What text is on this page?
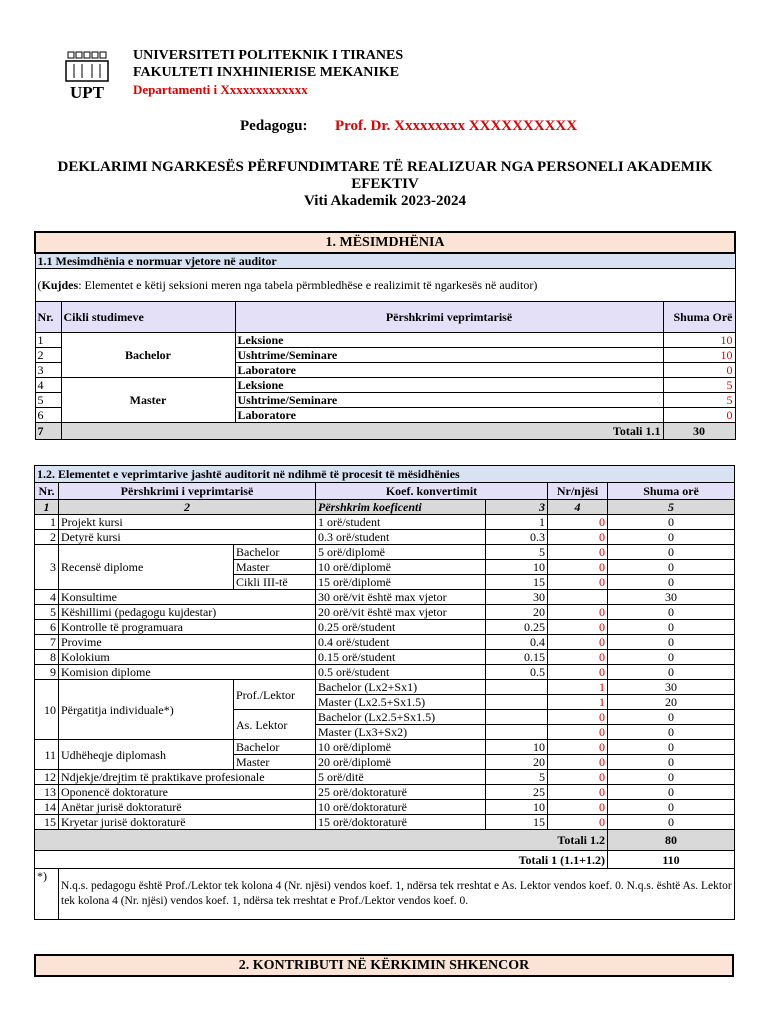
UPT
UNIVERSITETI POLITEKNIK I TIRANES
FAKULTETI INXHINIERISE MEKANIKE
Departamenti i Xxxxxxxxxxxxx
Pedagogu: Prof. Dr. Xxxxxxxxx XXXXXXXXXX
DEKLARIMI NGARKESËS PËRFUNDIMTARE TË REALIZUAR NGA PERSONELI AKADEMIK EFEKTIV
Viti Akademik 2023-2024
1. MËSIMDHËNIA			
1.1 Mesimdhënia e normuar vjetore në auditor			
(Kujdes: Elementet e këtij seksioni meren nga tabela përmbledhëse e realizimit të ngarkesës në auditor)			
Nr.	Cikli studimeve	Përshkrimi veprimtarisë	Shuma Orë
1	Bachelor	Leksione	10
2		Ushtrime/Seminare	10
3		Laboratore	0
4	Master	Leksione	5
5		Ushtrime/Seminare	5
6		Laboratore	0
7	Totali 1.1		30
1.2. Elementet e veprimtarive jashtë auditorit në ndihmë të procesit të mësidhënies						
Nr.	Përshkrimi i veprimtarisë		Koef. konvertimit		Nr/njësi	Shuma orë
1	2		Përshkrim koeficenti	3	4	5
1	Projekt kursi		1 orë/student	1	0	0
2	Detyrë kursi		0.3 orë/student	0.3	0	0
3	Recensë diplome	Bachelor	5 orë/diplomë	5	0	0
		Master	10 orë/diplomë	10	0	0
		Cikli III-të	15 orë/diplomë	15	0	0
4	Konsultime		30 orë/vit është max vjetor	30		30
5	Këshillimi (pedagogu kujdestar)		20 orë/vit është max vjetor	20	0	0
6	Kontrolle të programuara		0.25 orë/student	0.25	0	0
7	Provime		0.4 orë/student	0.4	0	0
8	Kolokium		0.15 orë/student	0.15	0	0
9	Komision diplome		0.5 orë/student	0.5	0	0
10	Përgatitja individuale*)	Prof./Lektor	Bachelor (Lx2+Sx1)		1	30
			Master (Lx2.5+Sx1.5)		1	20
		As. Lektor	Bachelor (Lx2.5+Sx1.5)		0	0
			Master (Lx3+Sx2)		0	0
11	Udhëheqje diplomash	Bachelor	10 orë/diplomë	10	0	0
		Master	20 orë/diplomë	20	0	0
12	Ndjekje/drejtim të praktikave profesionale		5 orë/ditë	5	0	0
13	Oponencë doktorature		25 orë/doktoraturë	25	0	0
14	Anëtar jurisë doktoraturë		10 orë/doktoraturë	10	0	0
15	Kryetar jurisë doktoraturë		15 orë/doktoraturë	15	0	0
Totali 1.2						80
Totali 1 (1.1+1.2)						110
*)	N.q.s. pedagogu është Prof./Lektor tek kolona 4 (Nr. njësi) vendos koef. 1, ndërsa tek rreshtat e As. Lektor vendos koef. 0. N.q.s. është As. Lektor tek kolona 4 (Nr. njësi) vendos koef. 1, ndërsa tek rreshtat e Prof./Lektor vendos koef. 0.					
2. KONTRIBUTI NË KËRKIMIN SHKENCOR
